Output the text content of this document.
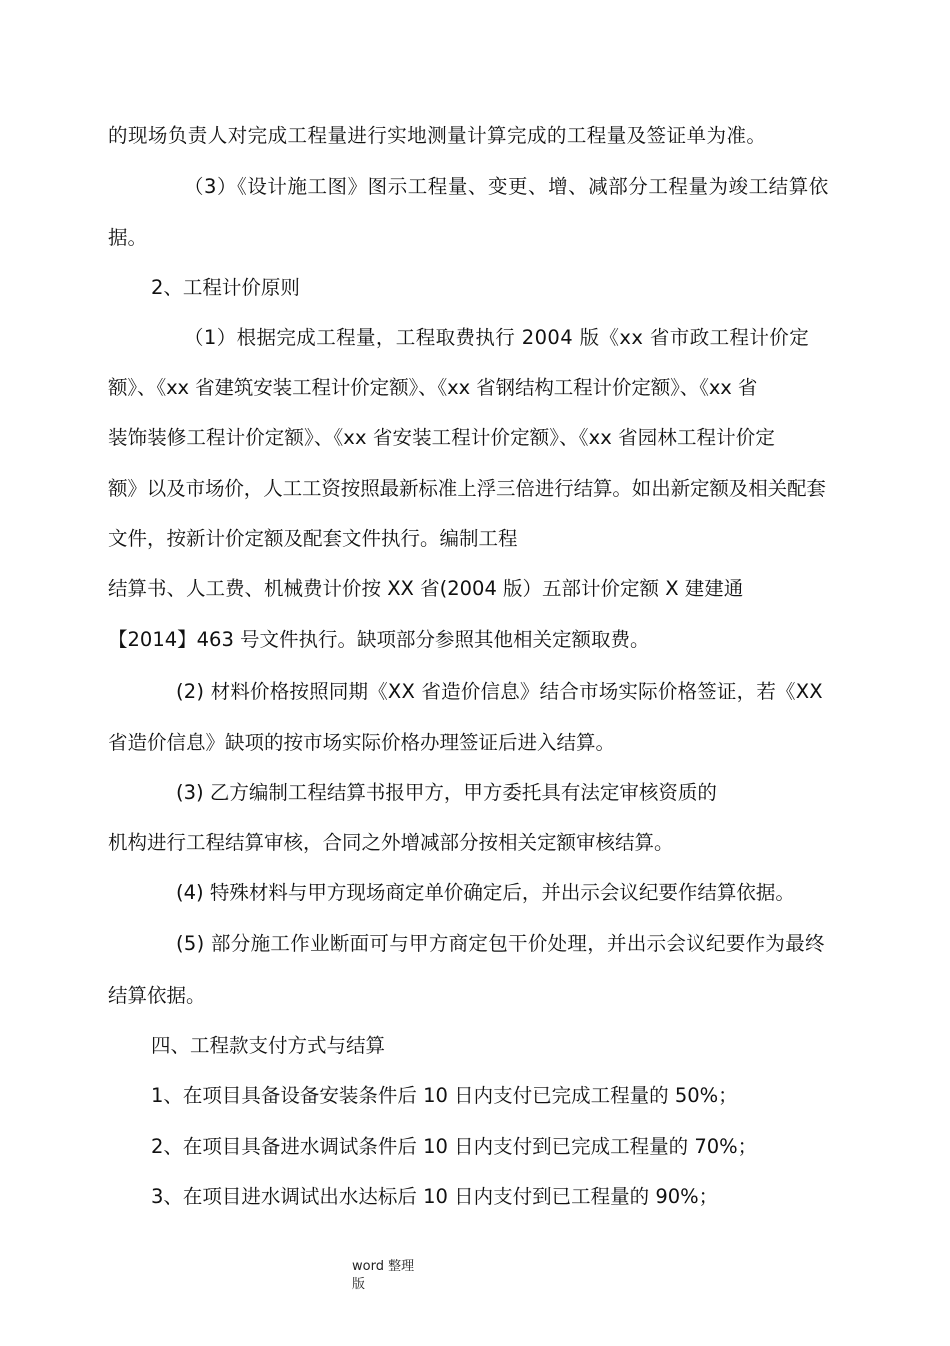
的现场负责人对完成工程量进行实地测量计算完成的工程量及签证单为准。
（3）《设计施工图》图示工程量、变更、增、减部分工程量为竣工结算依
据。
2、工程计价原则
（1）根据完成工程量，工程取费执行 2004 版《xx 省市政工程计价定
额》、《xx 省建筑安装工程计价定额》、《xx 省钢结构工程计价定额》、《xx 省
装饰装修工程计价定额》、《xx 省安装工程计价定额》、《xx 省园林工程计价定
额》以及市场价，人工工资按照最新标准上浮三倍进行结算。如出新定额及相关配套
文件，按新计价定额及配套文件执行。编制工程
结算书、人工费、机械费计价按 XX 省(2004 版）五部计价定额 X 建建通
【2014】463 号文件执行。缺项部分参照其他相关定额取费。
(2) 材料价格按照同期《XX 省造价信息》结合市场实际价格签证，若《XX
省造价信息》缺项的按市场实际价格办理签证后进入结算。
(3) 乙方编制工程结算书报甲方，甲方委托具有法定审核资质的
机构进行工程结算审核，合同之外增减部分按相关定额审核结算。
(4) 特殊材料与甲方现场商定单价确定后，并出示会议纪要作结算依据。
(5) 部分施工作业断面可与甲方商定包干价处理，并出示会议纪要作为最终
结算依据。
四、工程款支付方式与结算
1、在项目具备设备安装条件后 10 日内支付已完成工程量的 50%；
2、在项目具备进水调试条件后 10 日内支付到已完成工程量的 70%；
3、在项目进水调试出水达标后 10 日内支付到已工程量的 90%；
word 整理
版
